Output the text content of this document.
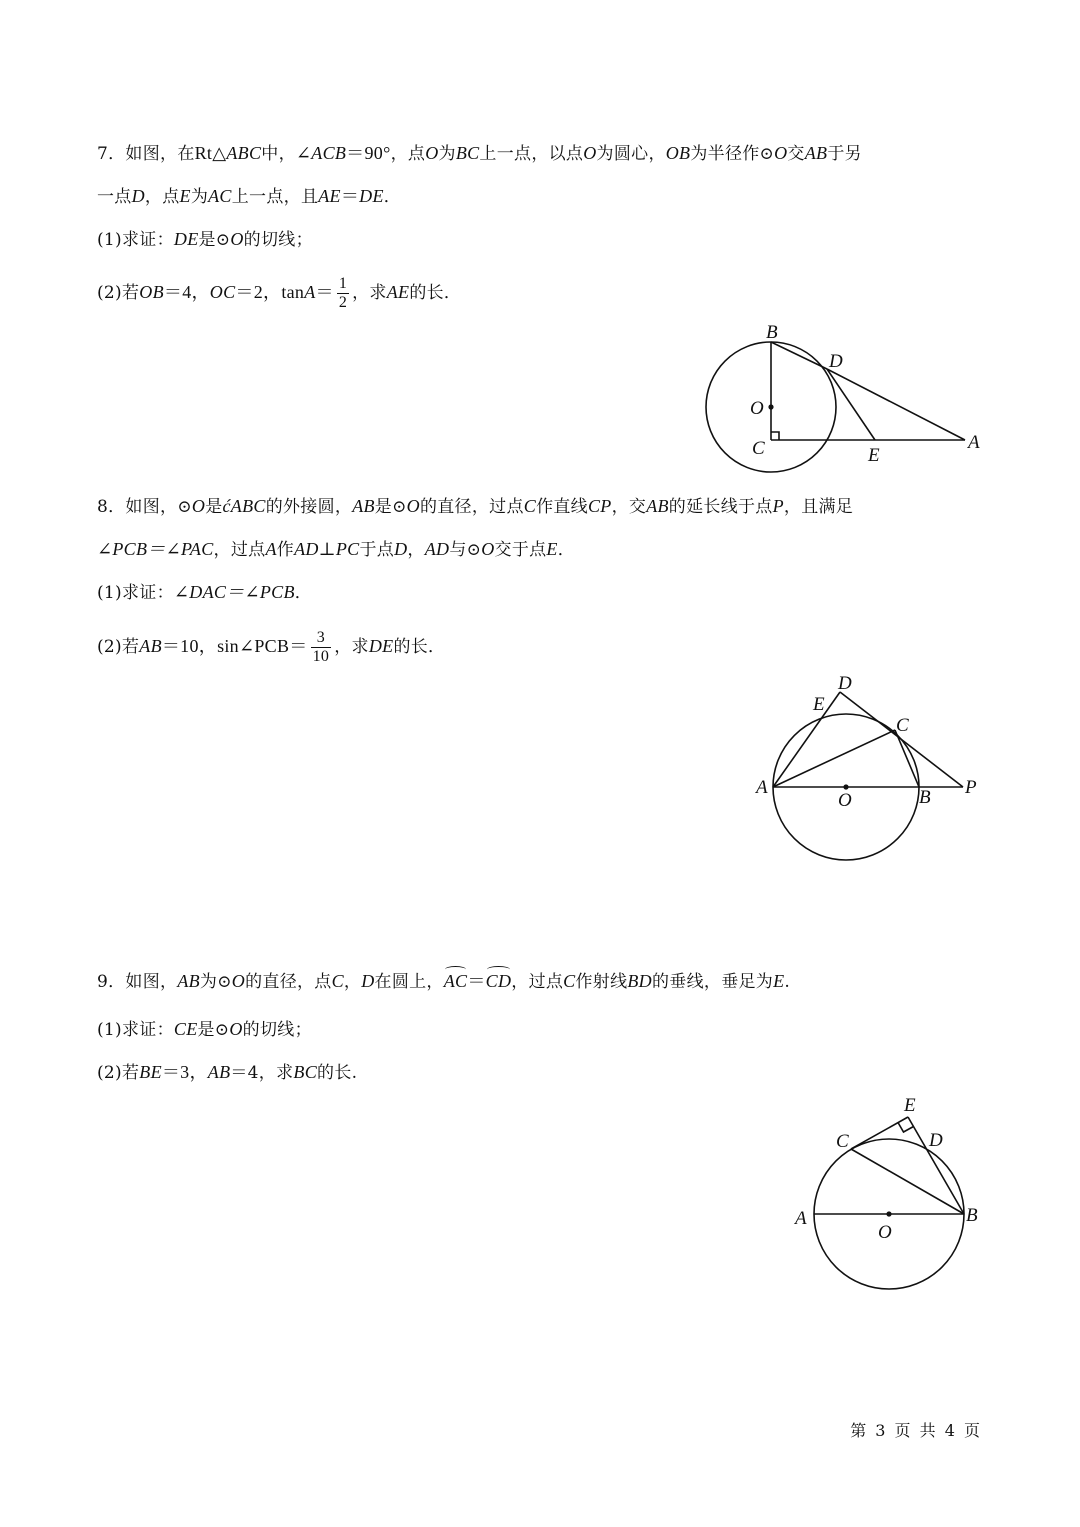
7．如图，在Rt△ABC中，∠ACB＝90°，点O为BC上一点，以点O为圆心，OB为半径作⊙O交AB于另
一点D，点E为AC上一点，且AE＝DE．
(1)求证：DE是⊙O的切线；
(2)若OB＝4，OC＝2，$\tan A= \frac{1}{2}$ ，求AE的长．
B
D
O
C	E
A
8．如图，⊙O是ćABC的外接圆，AB是⊙O的直径，过点C作直线CP，交AB的延长线于点P，且满足
∠PCB＝∠PAC，过点A作AD⊥PC于点D，AD与⊙O交于点E．
(1)求证：∠DAC＝∠PCB．
(2)若AB＝10，sin∠PCB＝ $\frac{3}{10}$ ，求DE的长．
D
E
C
A
O	B P
9．如图，AB为⊙O的直径，点C，D在圆上，AC＝CD，过点C作射线BD的垂线，垂足为E.
(1)求证：CE是⊙O的切线；
(2)若BE＝3，AB＝4，求BC的长.
E
C	D
A
O
B
第 3 页 共 4 页
